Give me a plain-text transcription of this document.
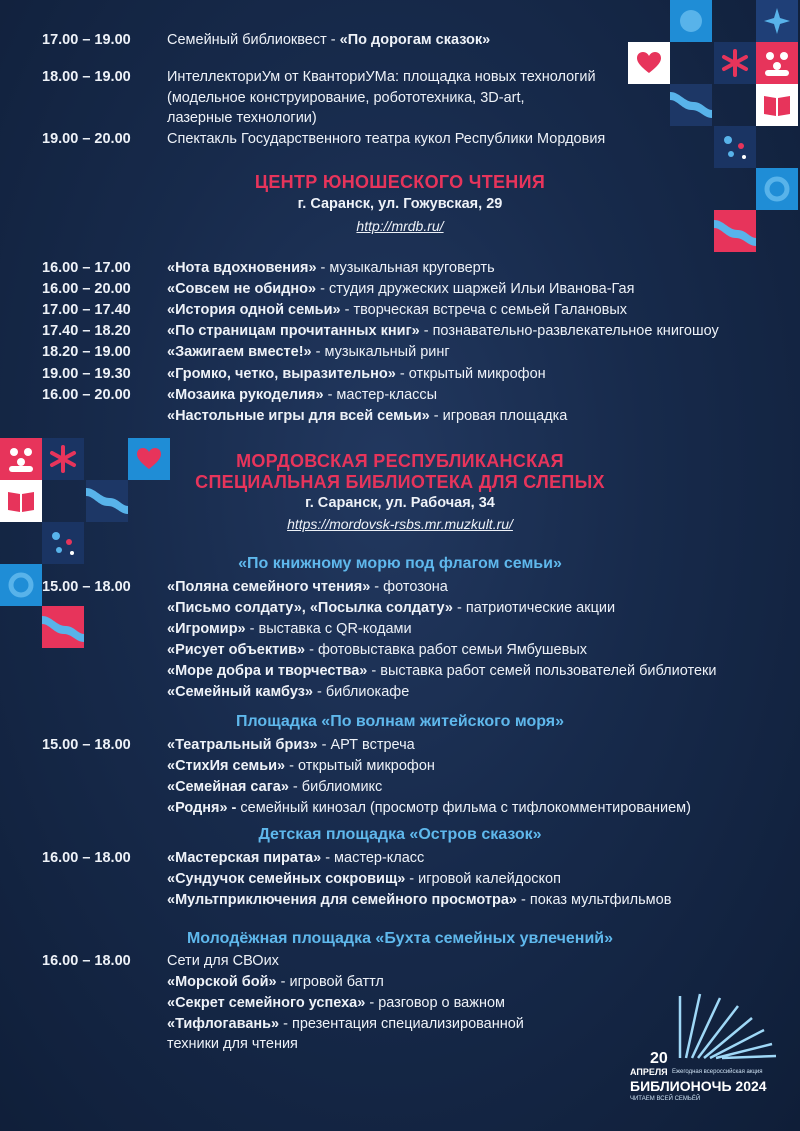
17.00 – 19.00	Семейный библиоквест - «По дорогам сказок»
18.00 – 19.00	ИнтеллекториУм от КванториУМа: площадка новых технологий
(модельное конструирование, робототехника, 3D-art,
лазерные технологии)
19.00 – 20.00	Спектакль Государственного театра кукол Республики Мордовия
ЦЕНТР ЮНОШЕСКОГО ЧТЕНИЯ
г. Саранск, ул. Гожувская, 29
http://mrdb.ru/
16.00 – 17.00	«Нота вдохновения» - музыкальная круговерть
16.00 – 20.00	«Совсем не обидно» - студия дружеских шаржей Ильи Иванова-Гая
17.00 – 17.40	«История одной семьи» - творческая встреча с семьей Галановых
17.40 – 18.20	«По страницам прочитанных книг» - познавательно-развлекательное книгошоу
18.20 – 19.00	«Зажигаем вместе!» - музыкальный ринг
19.00 – 19.30	«Громко, четко, выразительно» - открытый микрофон
16.00 – 20.00	«Мозаика рукоделия» - мастер-классы
«Настольные игры для всей семьи» - игровая площадка
МОРДОВСКАЯ РЕСПУБЛИКАНСКАЯ
СПЕЦИАЛЬНАЯ БИБЛИОТЕКА ДЛЯ СЛЕПЫХ
г. Саранск, ул. Рабочая, 34
https://mordovsk-rsbs.mr.muzkult.ru/
«По книжному морю под флагом семьи»
15.00 – 18.00	«Поляна семейного чтения» - фотозона
«Письмо солдату», «Посылка солдату» - патриотические акции
«Игромир» - выставка с QR-кодами
«Рисует объектив» - фотовыставка работ семьи Ямбушевых
«Море добра и творчества» - выставка работ семей пользователей библиотеки
«Семейный камбуз» - библиокафе
Площадка «По волнам житейского моря»
15.00 – 18.00	«Театральный бриз» - АРТ встреча
«СтихИя семьи» - открытый микрофон
«Семейная сага» - библиомикс
«Родня» - семейный кинозал (просмотр фильма с тифлокомментированием)
Детская площадка «Остров сказок»
16.00 – 18.00	«Мастерская пирата» - мастер-класс
«Сундучок семейных сокровищ» - игровой калейдоскоп
«Мультприключения для семейного просмотра» - показ мультфильмов
Молодёжная площадка «Бухта семейных увлечений»
16.00 – 18.00	Сети для СВОих
«Морской бой» - игровой баттл
«Секрет семейного успеха» - разговор о важном
«Тифлогавань» - презентация специализированной
техники для чтения
20
АПРЕЛЯ Ежегодная всероссийская акция
БИБЛИОНОЧЬ 2024
ЧИТАЕМ ВСЕЙ СЕМЬЁЙ
